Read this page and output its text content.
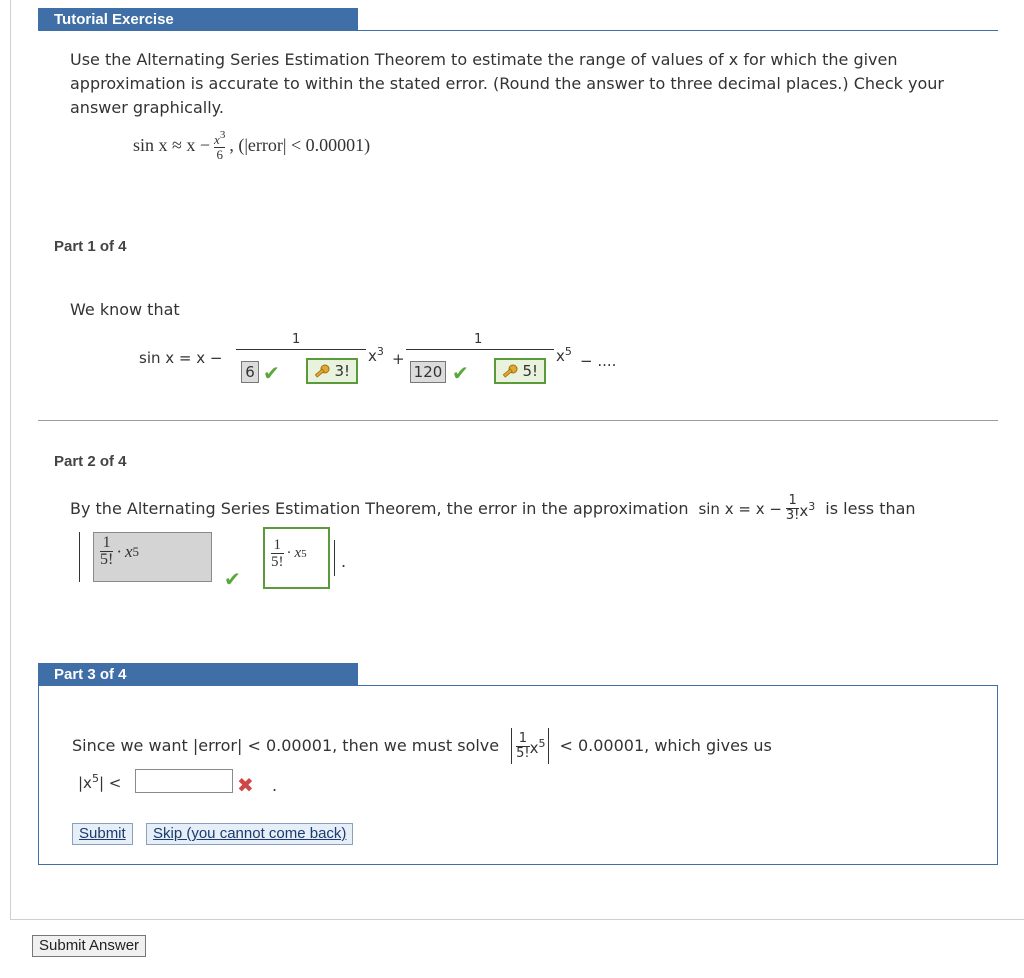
Tutorial Exercise
Use the Alternating Series Estimation Theorem to estimate the range of values of x for which the given approximation is accurate to within the stated error. (Round the answer to three decimal places.) Check your answer graphically.
$\sin x \approx x - \frac{x^3}{6}$ , (|error| < 0.00001)
Part 1 of 4
We know that
sin x = x −
1
6 ✔	3!
$x^3$ +
1
120 ✔	5!
$x^5$
− ....
Part 2 of 4
By the Alternating Series Estimation Theorem, the error in the approximation $\sin x = x - \frac{1}{3!} x^3$ is less than
$\frac{1}{5!} \cdot x$ 5
✔
$\frac{1}{5!} \cdot x$ 5 .
Part 3 of 4
Since we want |error| < 0.00001, then we must solve $\frac{1}{5!} x^5 < 0.00001$, which gives us
$|x^5|$ <	✖ .
Submit	Skip (you cannot come back)
Submit Answer
